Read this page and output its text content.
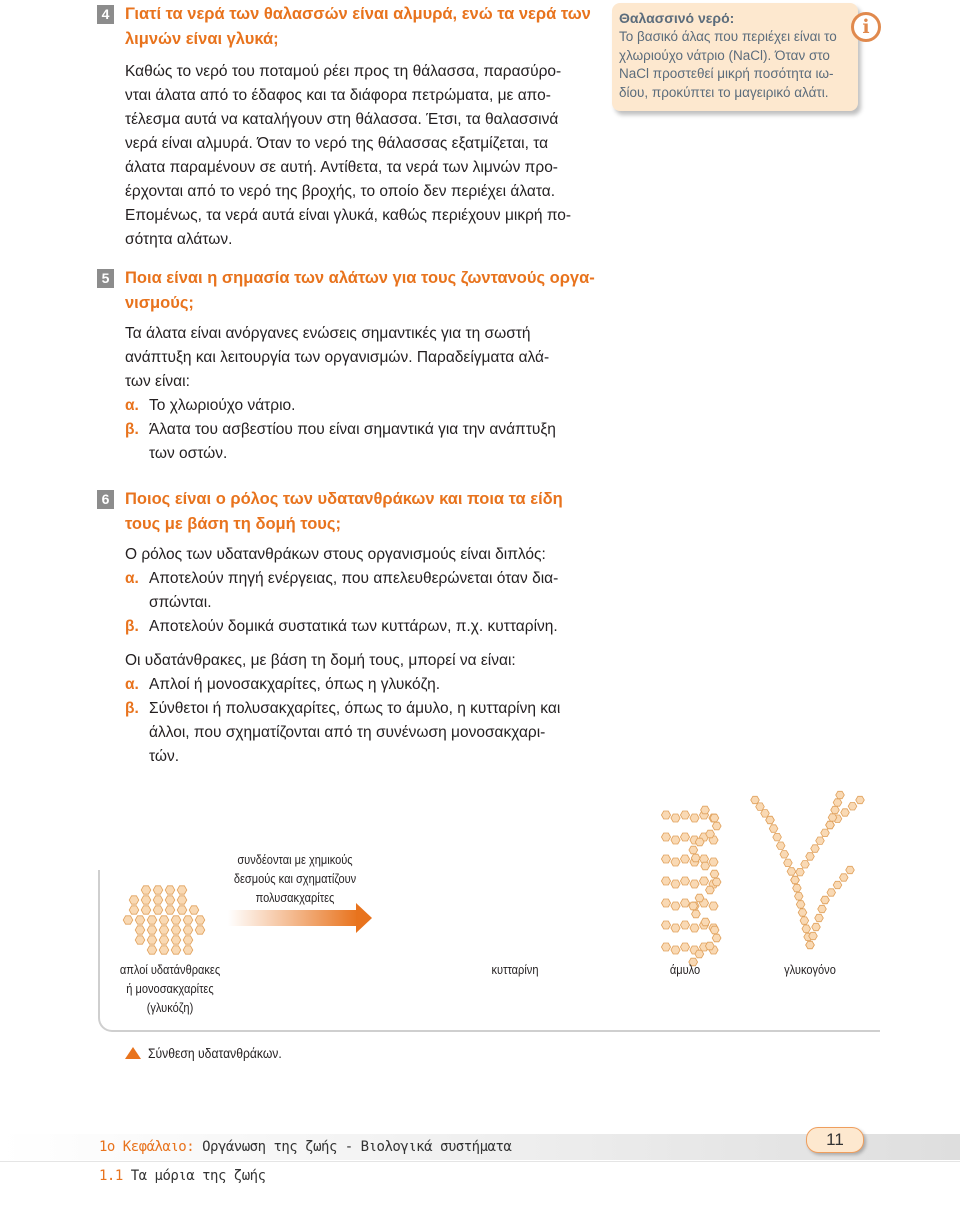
4 Γιατί τα νερά των θαλασσών είναι αλμυρά, ενώ τα νερά των
λιμνών είναι γλυκά;

Καθώς το νερό του ποταμού ρέει προς τη θάλασσα, παρασύρο-

νται άλατα από το έδαφος και τα διάφορα πετρώματα, με απο-

τέλεσμα αυτά να καταλήγουν στη θάλασσα. Έτσι, τα θαλασσινά

νερά είναι αλμυρά. Όταν το νερό της θάλασσας εξατμίζεται, τα

άλατα παραμένουν σε αυτή. Αντίθετα, τα νερά των λιμνών προ-

έρχονται από το νερό της βροχής, το οποίο δεν περιέχει άλατα.

Επομένως, τα νερά αυτά είναι γλυκά, καθώς περιέχουν μικρή πο-

σότητα αλάτων.

Θαλασσινό νερό:
Το βασικό άλας που περιέχει είναι το
χλωριούχο νάτριο (NaCl). Όταν στο
NaCl προστεθεί μικρή ποσότητα ιω-
δίου, προκύπτει το μαγειρικό αλάτι.
i
5 Ποια είναι η σημασία των αλάτων για τους ζωντανούς οργα-
νισμούς;

Τα άλατα είναι ανόργανες ενώσεις σημαντικές για τη σωστή

ανάπτυξη και λειτουργία των οργανισμών. Παραδείγματα αλά-

των είναι:

α. Το χλωριούχο νάτριο.
β. Άλατα του ασβεστίου που είναι σημαντικά για την ανάπτυξη
των οστών.
6 Ποιος είναι ο ρόλος των υδατανθράκων και ποια τα είδη
τους με βάση τη δομή τους;

Ο ρόλος των υδατανθράκων στους οργανισμούς είναι διπλός:

α. Αποτελούν πηγή ενέργειας, που απελευθερώνεται όταν δια-
σπώνται.
β. Αποτελούν δομικά συστατικά των κυττάρων, π.χ. κυτταρίνη.

Οι υδατάνθρακες, με βάση τη δομή τους, μπορεί να είναι:

α. Απλοί ή μονοσακχαρίτες, όπως η γλυκόζη.
β. Σύνθετοι ή πολυσακχαρίτες, όπως το άμυλο, η κυτταρίνη και
άλλοι, που σχηματίζονται από τη συνένωση μονοσακχαρι-
τών.
συνδέονται με χημικούς
δεσμούς και σχηματίζουν
πολυσακχαρίτες
απλοί υδατάνθρακες
ή μονοσακχαρίτες
(γλυκόζη)
κυτταρίνη	άμυλο	γλυκογόνο
Σύνθεση υδατανθράκων.
1ο Κεφάλαιο: Οργάνωση της ζωής - Βιολογικά συστήματα
1.1 Τα μόρια της ζωής
11
